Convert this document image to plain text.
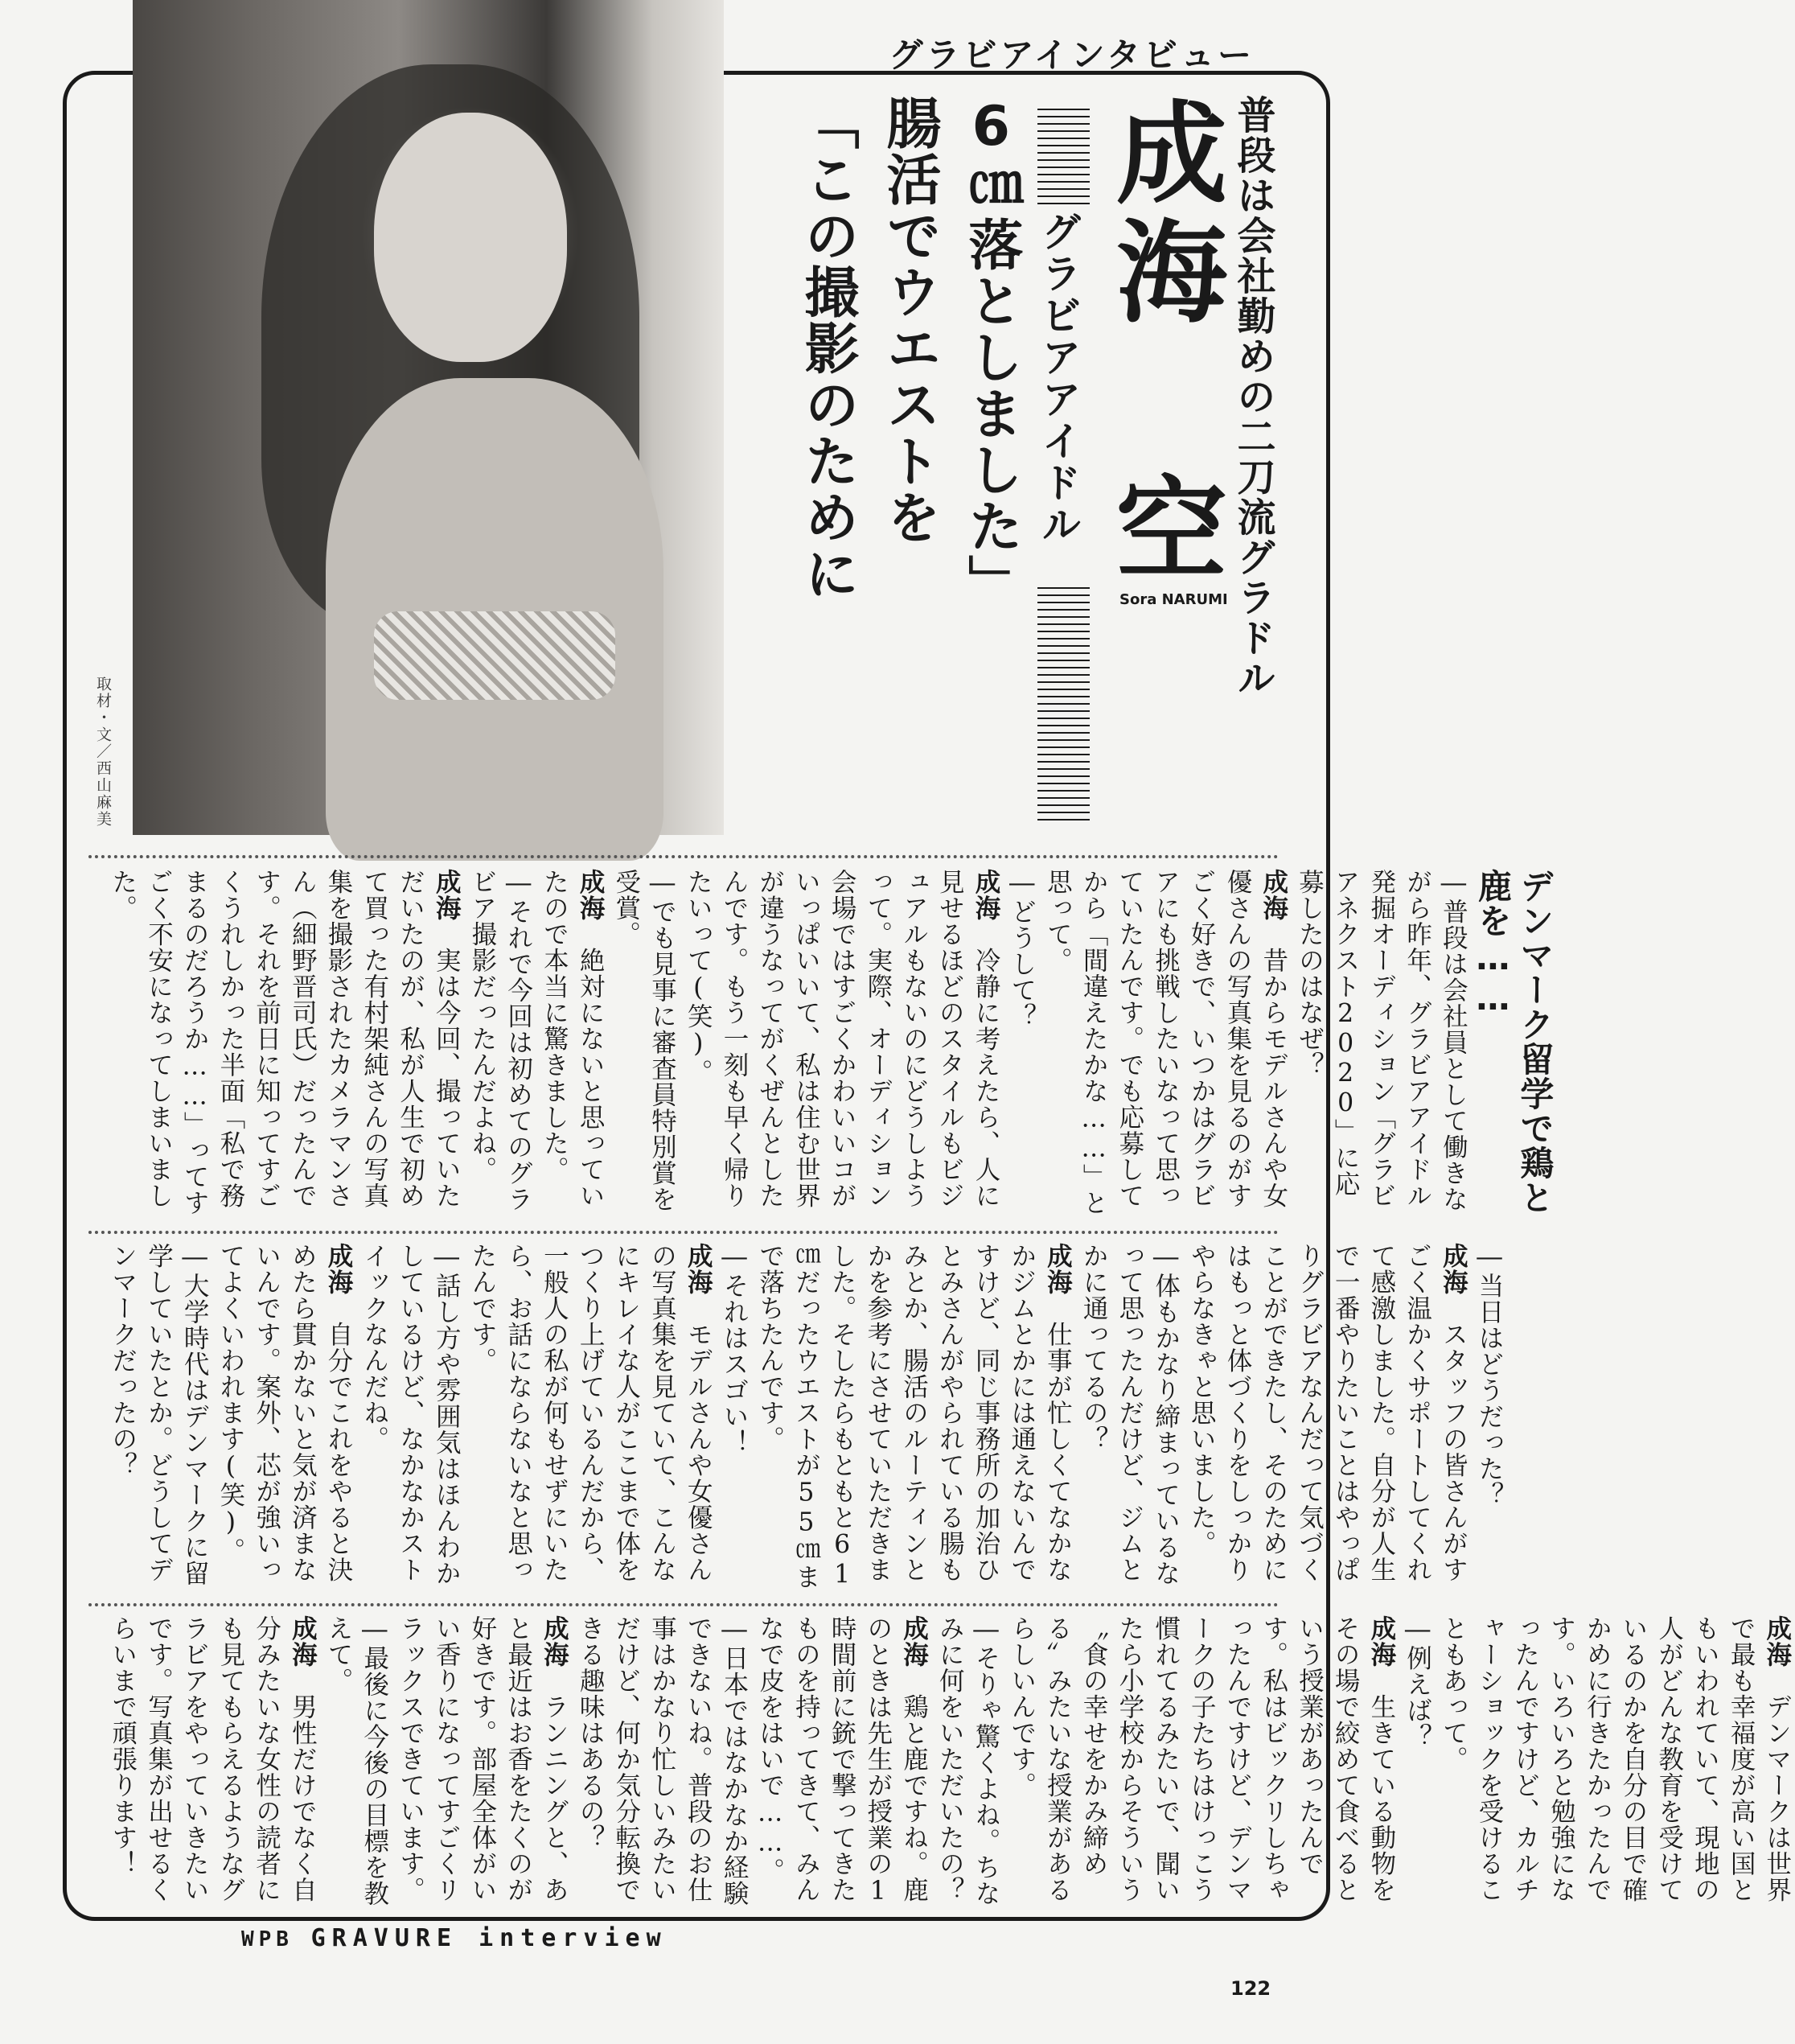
グラビアインタビュー
取材・文／西山麻美
普段は会社勤めの二刀流グラドル
成海 空
Sora NARUMI
グラビアアイドル
「この撮影のために 腸活でウエストを 6㎝落としました」

デンマーク留学で鶏と鹿を……

―普段は会社員として働きながら昨年、グラビアアイドル発掘オーディション「グラビアネクスト2020」に応募したのはなぜ？

成海　昔からモデルさんや女優さんの写真集を見るのがすごく好きで、いつかはグラビアにも挑戦したいなって思っていたんです。でも応募してから「間違えたかな……」と思って。

―どうして？

成海　冷静に考えたら、人に見せるほどのスタイルもビジュアルもないのにどうしようって。実際、オーディション会場ではすごくかわいいコがいっぱいいて、私は住む世界が違うなってがくぜんとしたんです。もう一刻も早く帰りたいって(笑)。

―でも見事に審査員特別賞を受賞。

成海　絶対にないと思っていたので本当に驚きました。

―それで今回は初めてのグラビア撮影だったんだよね。

成海　実は今回、撮っていただいたのが、私が人生で初めて買った有村架純さんの写真集を撮影されたカメラマンさん（細野晋司氏）だったんです。それを前日に知ってすごくうれしかった半面「私で務まるのだろうか……」ってすごく不安になってしまいました。

―当日はどうだった？

成海　スタッフの皆さんがすごく温かくサポートしてくれて感激しました。自分が人生で一番やりたいことはやっぱりグラビアなんだって気づくことができたし、そのためにはもっと体づくりをしっかりやらなきゃと思いました。

―体もかなり締まっているなって思ったんだけど、ジムとかに通ってるの？

成海　仕事が忙しくてなかなかジムとかには通えないんですけど、同じ事務所の加治ひとみさんがやられている腸もみとか、腸活のルーティンとかを参考にさせていただきました。そしたらもともと61㎝だったウエストが55㎝まで落ちたんです。

―それはスゴい！

成海　モデルさんや女優さんの写真集を見ていて、こんなにキレイな人がここまで体をつくり上げているんだから、一般人の私が何もせずにいたら、お話にならないなと思ったんです。

―話し方や雰囲気はほんわかしているけど、なかなかストイックなんだね。

成海　自分でこれをやると決めたら貫かないと気が済まないんです。案外、芯が強いってよくいわれます(笑)。

―大学時代はデンマークに留学していたとか。どうしてデンマークだったの？

成海　デンマークは世界で最も幸福度が高い国ともいわれていて、現地の人がどんな教育を受けているのかを自分の目で確かめに行きたかったんです。いろいろと勉強になったんですけど、カルチャーショックを受けることもあって。

―例えば？

成海　生きている動物をその場で絞めて食べるという授業があったんです。私はビックリしちゃったんですけど、デンマークの子たちはけっこう慣れてるみたいで、聞いたら小学校からそういう〝食の幸せをかみ締める〟みたいな授業があるらしいんです。

―そりゃ驚くよね。ちなみに何をいただいたの？

成海　鶏と鹿ですね。鹿のときは先生が授業の1時間前に銃で撃ってきたものを持ってきて、みんなで皮をはいで……。

―日本ではなかなか経験できないね。普段のお仕事はかなり忙しいみたいだけど、何か気分転換できる趣味はあるの？

成海　ランニングと、あと最近はお香をたくのが好きです。部屋全体がいい香りになってすごくリラックスできています。

―最後に今後の目標を教えて。

成海　男性だけでなく自分みたいな女性の読者にも見てもらえるようなグラビアをやっていきたいです。写真集が出せるくらいまで頑張ります！

WPB GRAVURE interview
122
